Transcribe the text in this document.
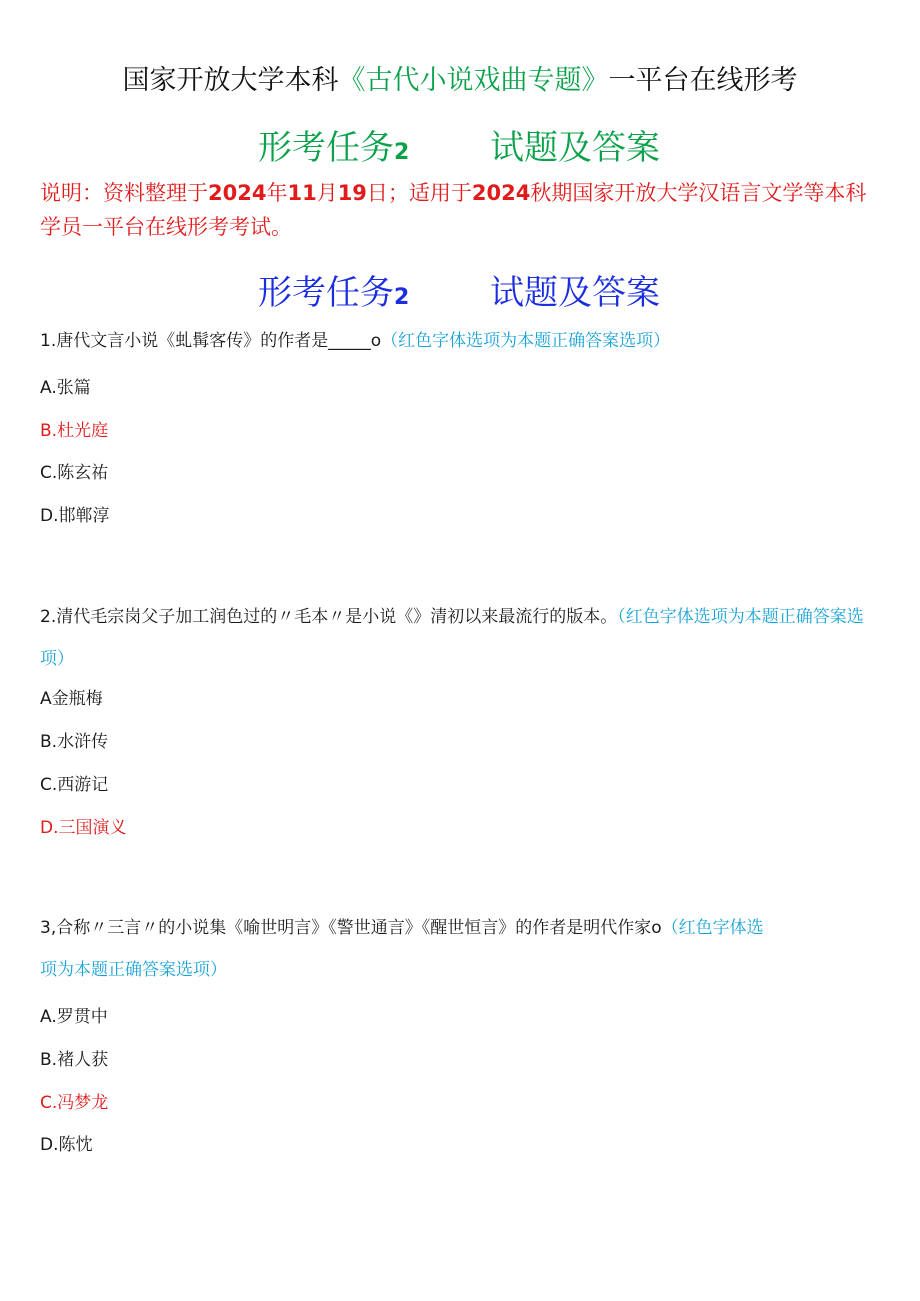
国家开放大学本科《古代小说戏曲专题》一平台在线形考
形考任务2 试题及答案
说明：资料整理于2024年11月19日；适用于2024秋期国家开放大学汉语言文学等本科学员一平台在线形考考试。
形考任务2 试题及答案
1.唐代文言小说《虬髯客传》的作者是_____o（红色字体选项为本题正确答案选项）
A.张篇
B.杜光庭
C.陈玄祐
D.邯郸淳
2.清代毛宗岗父子加工润色过的〃毛本〃是小说《》清初以来最流行的版本。（红色字体选项为本题正确答案选项）
A金瓶梅
B.水浒传
C.西游记
D.三国演义
3,合称〃三言〃的小说集《喻世明言》《警世通言》《醒世恒言》的作者是明代作家o（红色字体选项为本题正确答案选项）
A.罗贯中
B.褚人获
C.冯梦龙
D.陈忱
